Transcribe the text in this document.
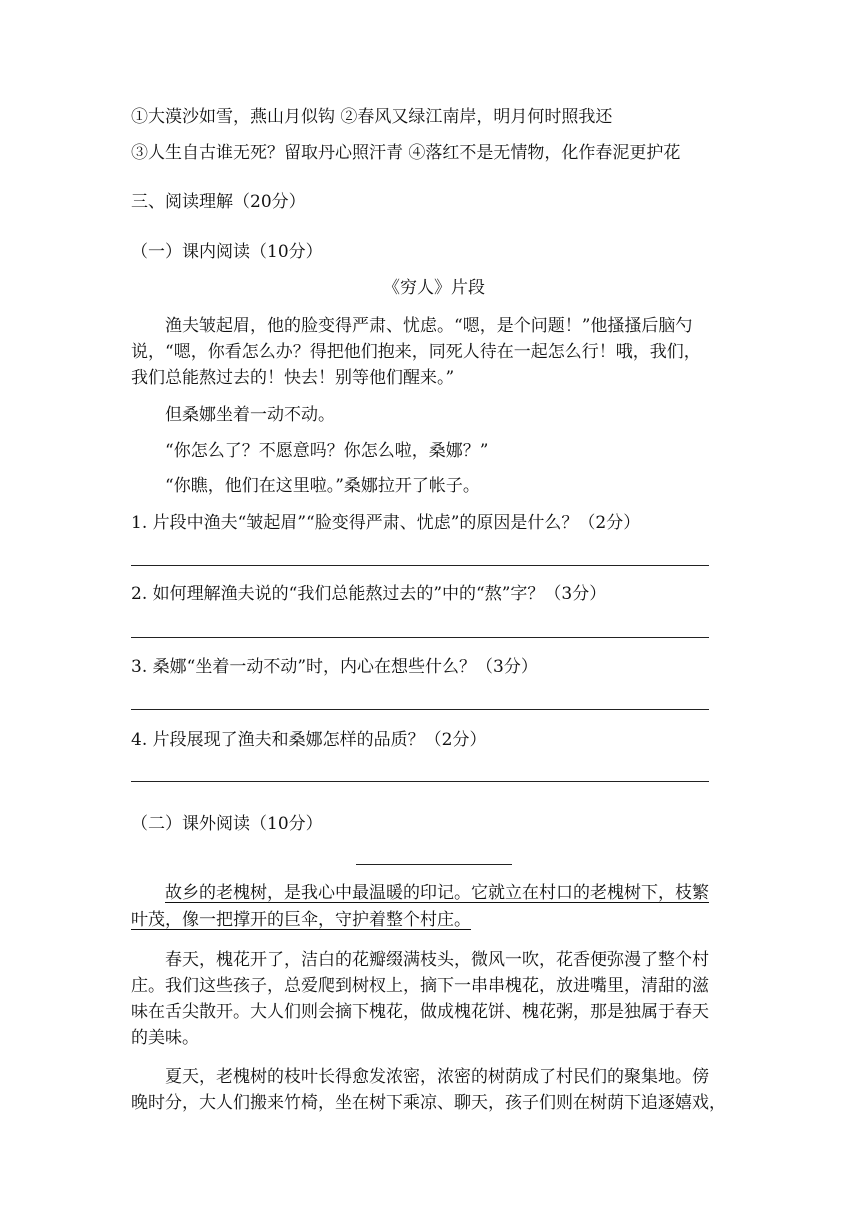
①大漠沙如雪，燕山月似钩 ②春风又绿江南岸，明月何时照我还
③人生自古谁无死？留取丹心照汗青 ④落红不是无情物，化作春泥更护花
三、阅读理解（20分）
（一）课内阅读（10分）
《穷人》片段
渔夫皱起眉，他的脸变得严肃、忧虑。“嗯，是个问题！”他搔搔后脑勺
说，“嗯，你看怎么办？得把他们抱来，同死人待在一起怎么行！哦，我们，
我们总能熬过去的！快去！别等他们醒来。”
但桑娜坐着一动不动。
“你怎么了？不愿意吗？你怎么啦，桑娜？”
“你瞧，他们在这里啦。”桑娜拉开了帐子。
1. 片段中渔夫“皱起眉”“脸变得严肃、忧虑”的原因是什么？（2分）
2. 如何理解渔夫说的“我们总能熬过去的”中的“熬”字？（3分）
3. 桑娜“坐着一动不动”时，内心在想些什么？（3分）
4. 片段展现了渔夫和桑娜怎样的品质？（2分）
（二）课外阅读（10分）
故乡的老槐树，是我心中最温暖的印记。它就立在村口的老槐树下，枝繁
叶茂，像一把撑开的巨伞，守护着整个村庄。
春天，槐花开了，洁白的花瓣缀满枝头，微风一吹，花香便弥漫了整个村
庄。我们这些孩子，总爱爬到树杈上，摘下一串串槐花，放进嘴里，清甜的滋
味在舌尖散开。大人们则会摘下槐花，做成槐花饼、槐花粥，那是独属于春天
的美味。
夏天，老槐树的枝叶长得愈发浓密，浓密的树荫成了村民们的聚集地。傍
晚时分，大人们搬来竹椅，坐在树下乘凉、聊天，孩子们则在树荫下追逐嬉戏，
